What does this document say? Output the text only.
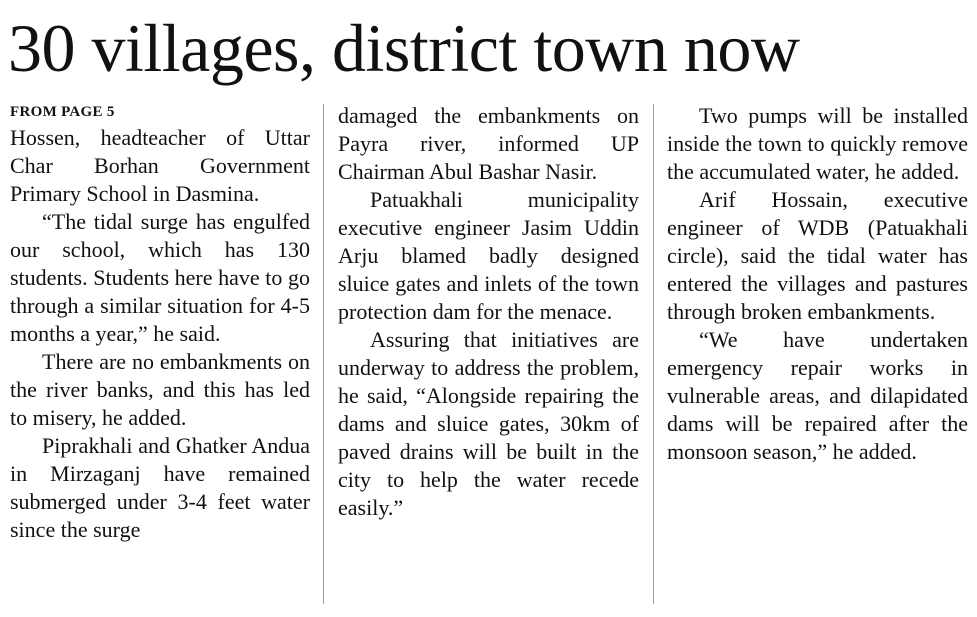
30 villages, district town now
FROM PAGE 5

Hossen, headteacher of Uttar Char Borhan Government Primary School in Dasmina.

“The tidal surge has engulfed our school, which has 130 students. Students here have to go through a similar situation for 4-5 months a year,” he said.

There are no embankments on the river banks, and this has led to misery, he added.

Piprakhali and Ghatker Andua in Mirzaganj have remained submerged under 3-4 feet water since the surge

damaged the embankments on Payra river, informed UP Chairman Abul Bashar Nasir.

Patuakhali municipality executive engineer Jasim Uddin Arju blamed badly designed sluice gates and inlets of the town protection dam for the menace.

Assuring that initiatives are underway to address the problem, he said, “Alongside repairing the dams and sluice gates, 30km of paved drains will be built in the city to help the water recede easily.”

Two pumps will be installed inside the town to quickly remove the accumulated water, he added.

Arif Hossain, executive engineer of WDB (Patuakhali circle), said the tidal water has entered the villages and pastures through broken embankments.

“We have undertaken emergency repair works in vulnerable areas, and dilapidated dams will be repaired after the monsoon season,” he added.
